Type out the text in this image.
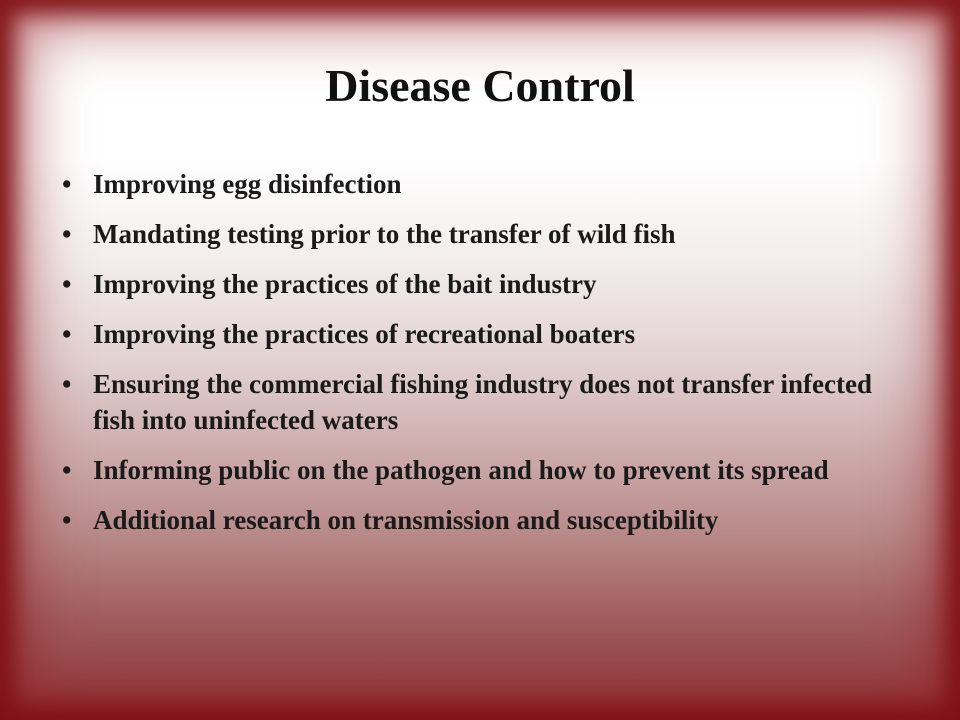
Disease Control
• Improving egg disinfection
• Mandating testing prior to the transfer of wild fish
• Improving the practices of the bait industry
• Improving the practices of recreational boaters
• Ensuring the commercial fishing industry does not transfer infected fish into uninfected waters
• Informing public on the pathogen and how to prevent its spread
• Additional research on transmission and susceptibility
